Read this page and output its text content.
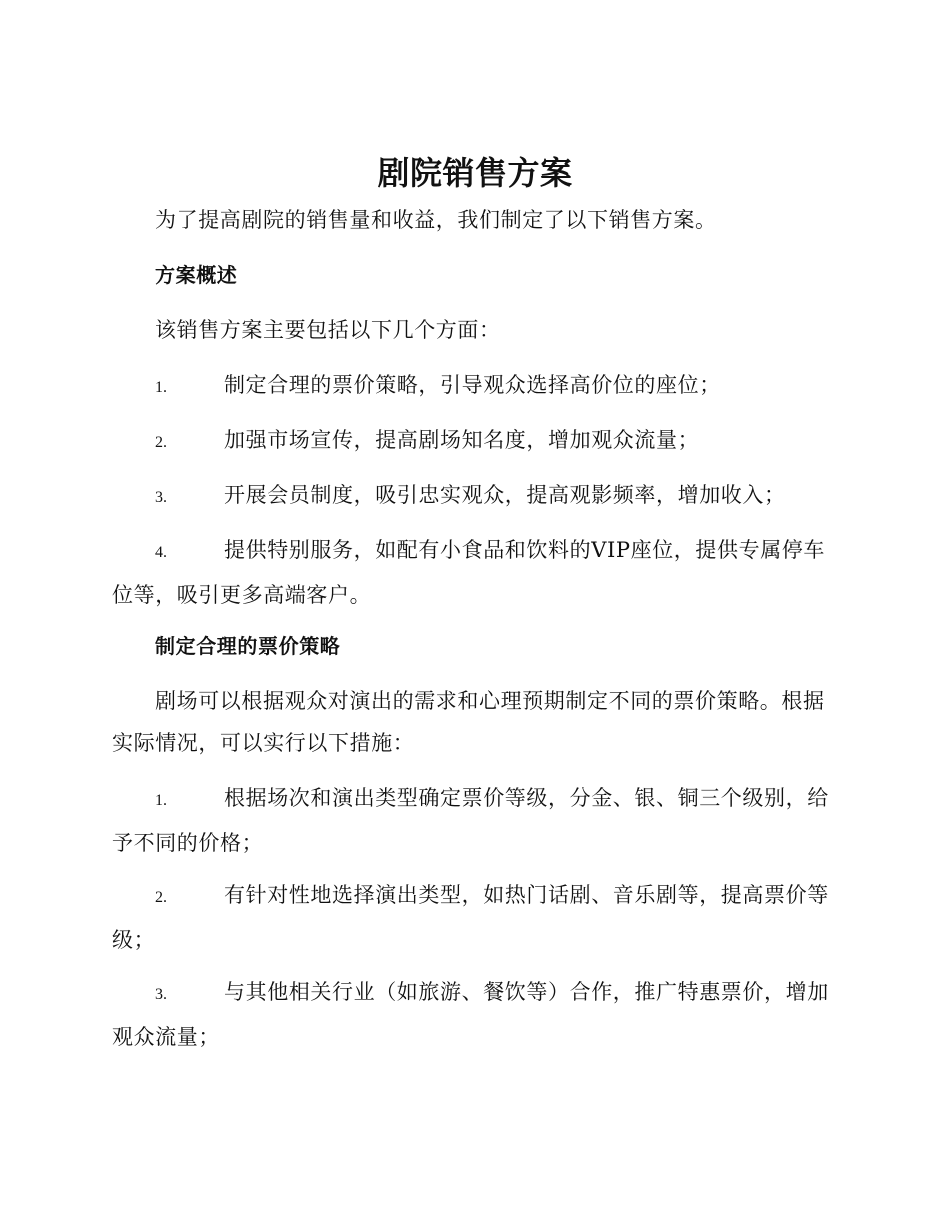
剧院销售方案
为了提高剧院的销售量和收益，我们制定了以下销售方案。
方案概述
该销售方案主要包括以下几个方面：
1.	制定合理的票价策略，引导观众选择高价位的座位；
2.	加强市场宣传，提高剧场知名度，增加观众流量；
3.	开展会员制度，吸引忠实观众，提高观影频率，增加收入；
4.	提供特别服务，如配有小食品和饮料的VIP座位，提供专属停车位等，吸引更多高端客户。
制定合理的票价策略
剧场可以根据观众对演出的需求和心理预期制定不同的票价策略。根据实际情况，可以实行以下措施：
1.	根据场次和演出类型确定票价等级，分金、银、铜三个级别，给予不同的价格；
2.	有针对性地选择演出类型，如热门话剧、音乐剧等，提高票价等级；
3.	与其他相关行业（如旅游、餐饮等）合作，推广特惠票价，增加观众流量；
